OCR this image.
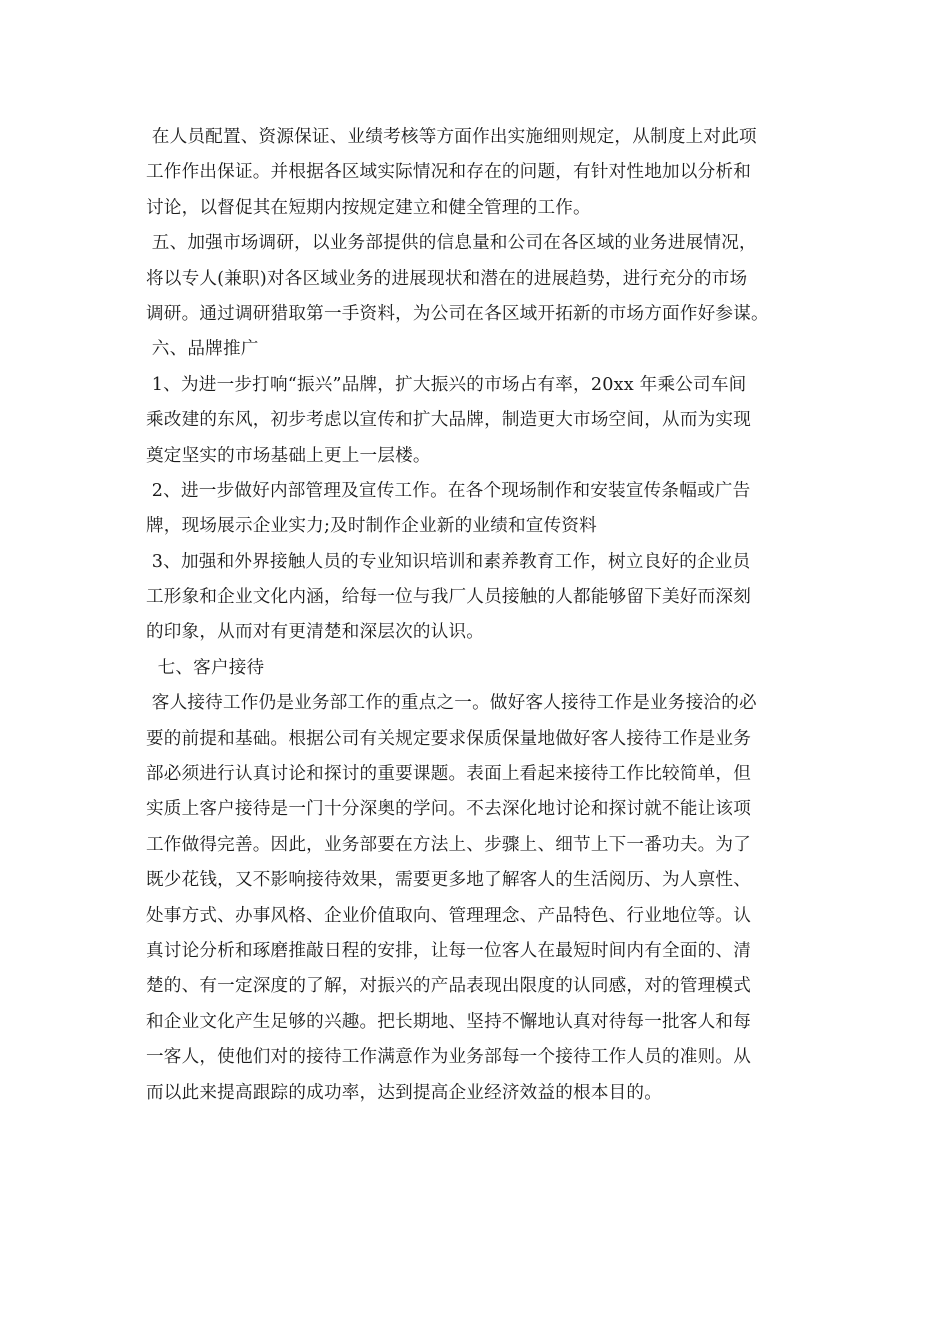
在人员配置、资源保证、业绩考核等方面作出实施细则规定，从制度上对此项
工作作出保证。并根据各区域实际情况和存在的问题，有针对性地加以分析和
讨论，以督促其在短期内按规定建立和健全管理的工作。
五、加强市场调研，以业务部提供的信息量和公司在各区域的业务进展情况，
将以专人(兼职)对各区域业务的进展现状和潜在的进展趋势，进行充分的市场
调研。通过调研猎取第一手资料，为公司在各区域开拓新的市场方面作好参谋。
六、品牌推广
1、为进一步打响“振兴”品牌，扩大振兴的市场占有率，20xx 年乘公司车间
乘改建的东风，初步考虑以宣传和扩大品牌，制造更大市场空间，从而为实现
奠定坚实的市场基础上更上一层楼。
2、进一步做好内部管理及宣传工作。在各个现场制作和安装宣传条幅或广告
牌，现场展示企业实力;及时制作企业新的业绩和宣传资料
3、加强和外界接触人员的专业知识培训和素养教育工作，树立良好的企业员
工形象和企业文化内涵，给每一位与我厂人员接触的人都能够留下美好而深刻
的印象，从而对有更清楚和深层次的认识。
七、客户接待
客人接待工作仍是业务部工作的重点之一。做好客人接待工作是业务接洽的必
要的前提和基础。根据公司有关规定要求保质保量地做好客人接待工作是业务
部必须进行认真讨论和探讨的重要课题。表面上看起来接待工作比较简单，但
实质上客户接待是一门十分深奥的学问。不去深化地讨论和探讨就不能让该项
工作做得完善。因此，业务部要在方法上、步骤上、细节上下一番功夫。为了
既少花钱，又不影响接待效果，需要更多地了解客人的生活阅历、为人禀性、
处事方式、办事风格、企业价值取向、管理理念、产品特色、行业地位等。认
真讨论分析和琢磨推敲日程的安排，让每一位客人在最短时间内有全面的、清
楚的、有一定深度的了解，对振兴的产品表现出限度的认同感，对的管理模式
和企业文化产生足够的兴趣。把长期地、坚持不懈地认真对待每一批客人和每
一客人，使他们对的接待工作满意作为业务部每一个接待工作人员的准则。从
而以此来提高跟踪的成功率，达到提高企业经济效益的根本目的。
